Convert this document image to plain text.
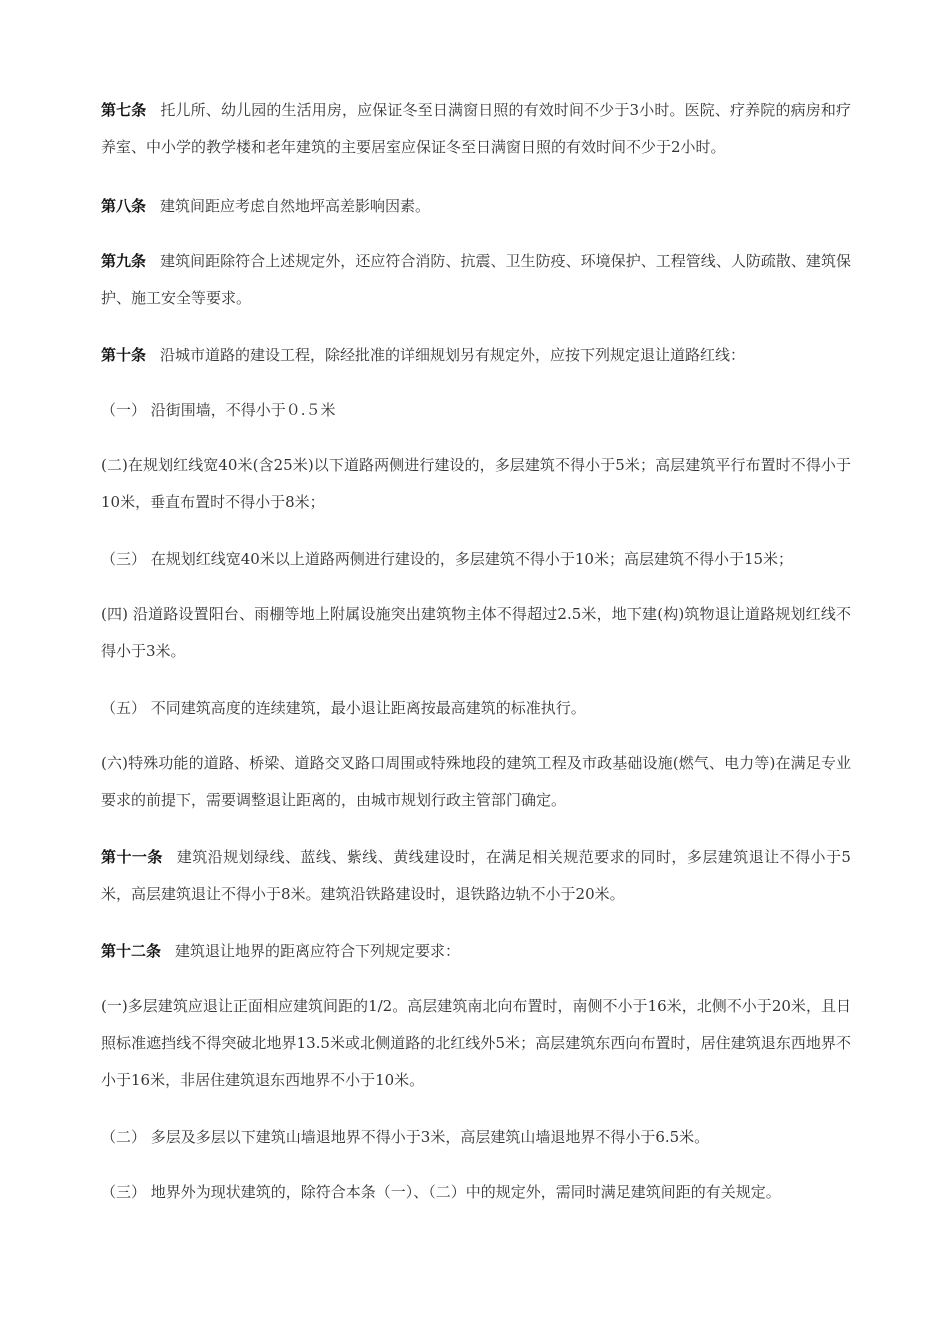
第七条 托儿所、幼儿园的生活用房，应保证冬至日满窗日照的有效时间不少于3小时。医院、疗养院的病房和疗养室、中小学的教学楼和老年建筑的主要居室应保证冬至日满窗日照的有效时间不少于2小时。

第八条 建筑间距应考虑自然地坪高差影响因素。

第九条 建筑间距除符合上述规定外，还应符合消防、抗震、卫生防疫、环境保护、工程管线、人防疏散、建筑保护、施工安全等要求。

第十条 沿城市道路的建设工程，除经批准的详细规划另有规定外，应按下列规定退让道路红线：

（一） 沿街围墙，不得小于０.５米

(二)在规划红线宽40米(含25米)以下道路两侧进行建设的，多层建筑不得小于5米；高层建筑平行布置时不得小于10米，垂直布置时不得小于8米；

（三） 在规划红线宽40米以上道路两侧进行建设的，多层建筑不得小于10米；高层建筑不得小于15米；

(四) 沿道路设置阳台、雨棚等地上附属设施突出建筑物主体不得超过2.5米，地下建(构)筑物退让道路规划红线不得小于3米。

（五） 不同建筑高度的连续建筑，最小退让距离按最高建筑的标准执行。

(六)特殊功能的道路、桥梁、道路交叉路口周围或特殊地段的建筑工程及市政基础设施(燃气、电力等)在满足专业要求的前提下，需要调整退让距离的，由城市规划行政主管部门确定。

第十一条 建筑沿规划绿线、蓝线、紫线、黄线建设时，在满足相关规范要求的同时，多层建筑退让不得小于5米，高层建筑退让不得小于8米。建筑沿铁路建设时，退铁路边轨不小于20米。

第十二条 建筑退让地界的距离应符合下列规定要求：

(一)多层建筑应退让正面相应建筑间距的1/2。高层建筑南北向布置时，南侧不小于16米，北侧不小于20米，且日照标准遮挡线不得突破北地界13.5米或北侧道路的北红线外5米；高层建筑东西向布置时，居住建筑退东西地界不小于16米，非居住建筑退东西地界不小于10米。

（二） 多层及多层以下建筑山墙退地界不得小于3米，高层建筑山墙退地界不得小于6.5米。

（三） 地界外为现状建筑的，除符合本条（一）、（二）中的规定外，需同时满足建筑间距的有关规定。
